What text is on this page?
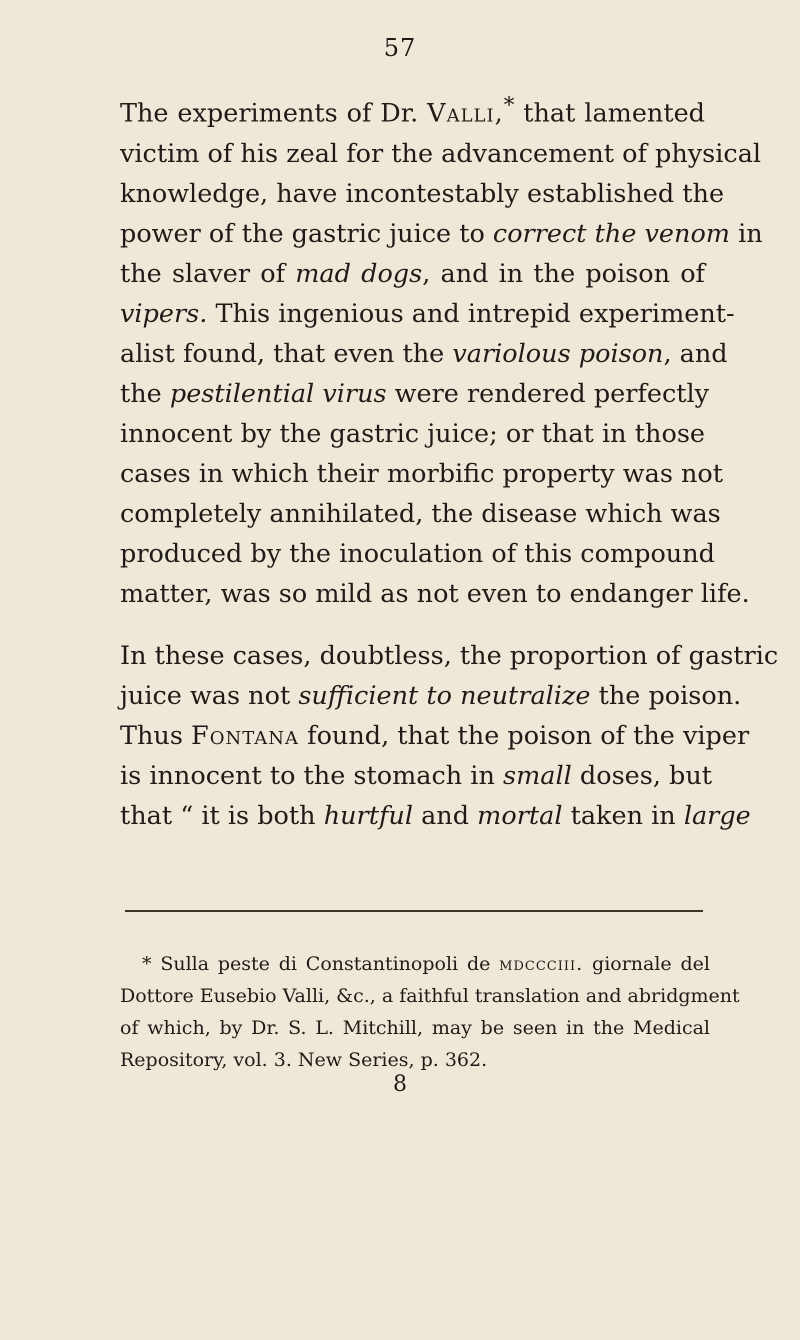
57
The experiments of Dr. Valli,* that lamented
victim of his zeal for the advancement of physical
knowledge, have incontestably established the
power of the gastric juice to correct the venom in
the slaver of mad dogs, and in the poison of
vipers. This ingenious and intrepid experiment-
alist found, that even the variolous poison, and
the pestilential virus were rendered perfectly
innocent by the gastric juice; or that in those
cases in which their morbific property was not
completely annihilated, the disease which was
produced by the inoculation of this compound
matter, was so mild as not even to endanger life.
In these cases, doubtless, the proportion of gastric
juice was not sufficient to neutralize the poison.
Thus Fontana found, that the poison of the viper
is innocent to the stomach in small doses, but
that “ it is both hurtful and mortal taken in large
* Sulla peste di Constantinopoli de mdccciii. giornale del
Dottore Eusebio Valli, &c., a faithful translation and abridgment
of which, by Dr. S. L. Mitchill, may be seen in the Medical
Repository, vol. 3. New Series, p. 362.
8
